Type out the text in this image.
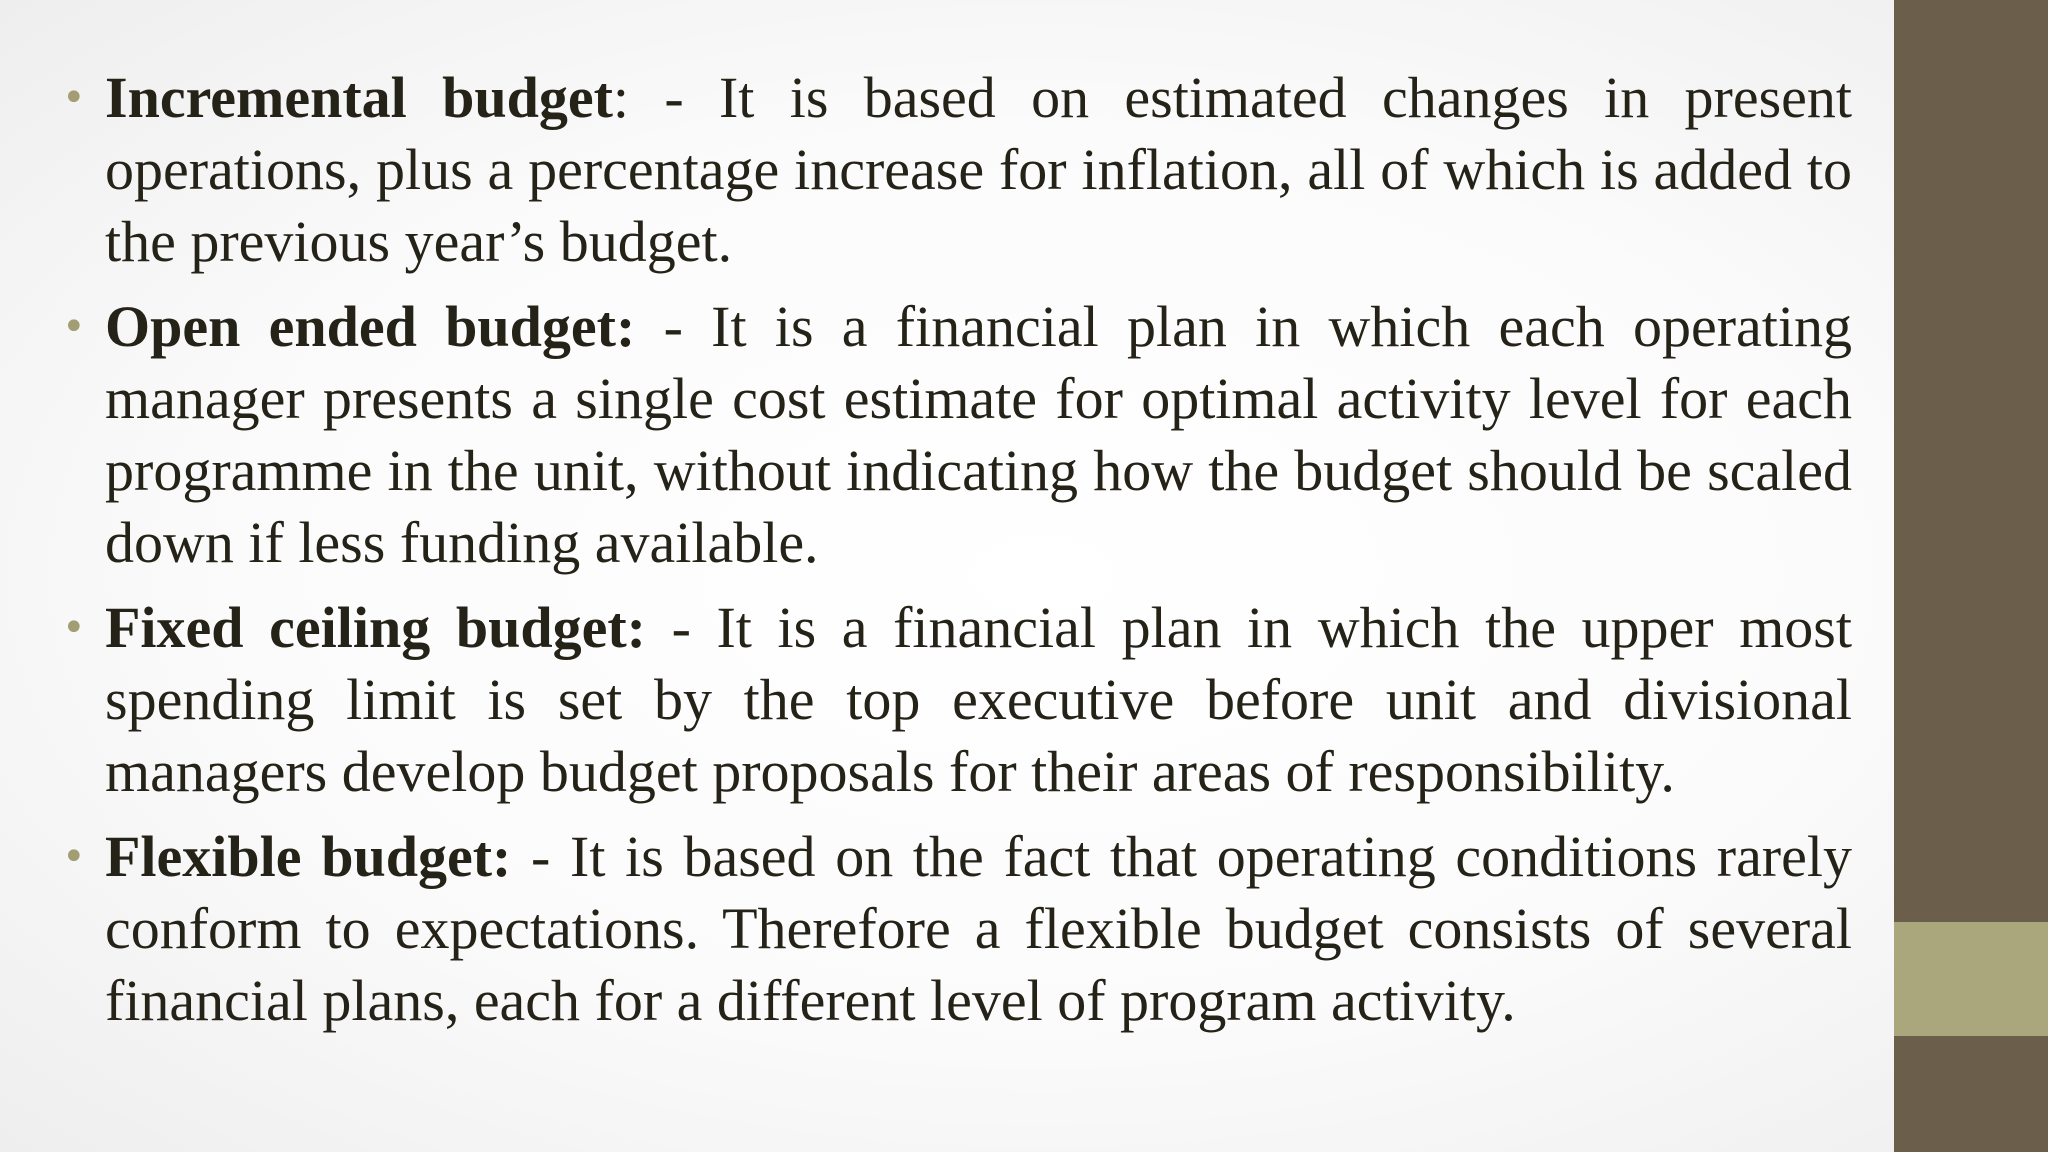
• Incremental budget: - It is based on estimated changes in present operations, plus a percentage increase for inflation, all of which is added to the previous year’s budget.
• Open ended budget: - It is a financial plan in which each operating manager presents a single cost estimate for optimal activity level for each programme in the unit, without indicating how the budget should be scaled down if less funding available.
• Fixed ceiling budget: - It is a financial plan in which the upper most spending limit is set by the top executive before unit and divisional managers develop budget proposals for their areas of responsibility.
• Flexible budget: - It is based on the fact that operating conditions rarely conform to expectations. Therefore a flexible budget consists of several financial plans, each for a different level of program activity.
